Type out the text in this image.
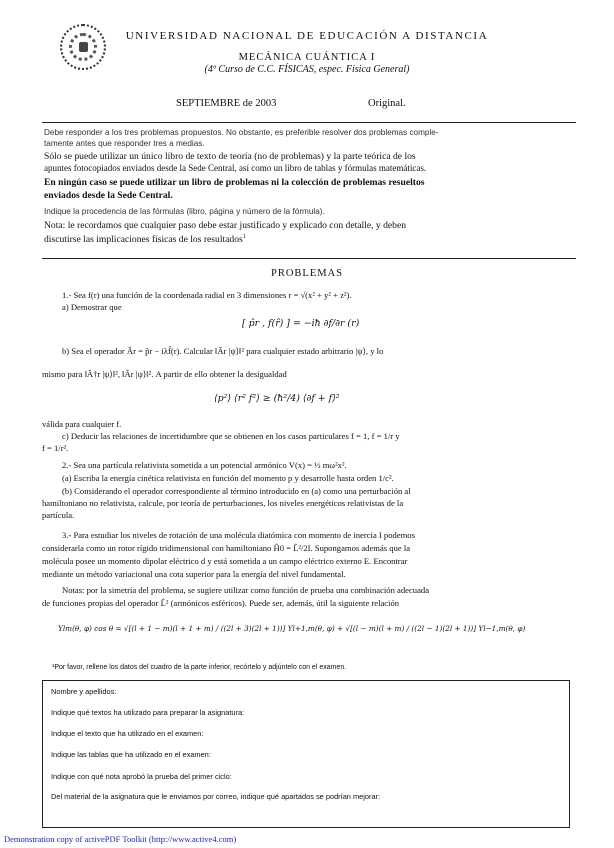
UNIVERSIDAD NACIONAL DE EDUCACIÓN A DISTANCIA
MECÁNICA CUÁNTICA I
(4º Curso de C.C. FÍSICAS, espec. Física General)
SEPTIEMBRE de 2003	Original.
Debe responder a los tres problemas propuestos. No obstante, es preferible resolver dos problemas comple-
tamente antes que responder tres a medias.
Sólo se puede utilizar un único libro de texto de teoría (no de problemas) y la parte teórica de los
apuntes fotocopiados enviados desde la Sede Central, así como un libro de tablas y fórmulas matemáticas.
En ningún caso se puede utilizar un libro de problemas ni la colección de problemas resueltos
enviados desde la Sede Central.
Indique la procedencia de las fórmulas (libro, página y número de la fórmula).
Nota: le recordamos que cualquier paso debe estar justificado y explicado con detalle, y deben
discutirse las implicaciones físicas de los resultados$^1$
PROBLEMAS
1.- Sea f(r) una función de la coordenada radial en 3 dimensiones r = √(x² + y² + z²).
a) Demostrar que
[ p̂r , f(r̂) ] = −iħ ∂f/∂r (r)
b) Sea el operador Âr = p̂r − iλf̂(r). Calcular ‖Âr |ψ⟩‖² para cualquier estado arbitrario |ψ⟩, y lo
mismo para ‖Â†r |ψ⟩‖², ‖Âr |ψ⟩‖². A partir de ello obtener la desigualdad
⟨p²⟩ ⟨r² f²⟩ ≥ (ħ²/4) ⟨∂f + f⟩²
válida para cualquier f.
c) Deducir las relaciones de incertidumbre que se obtienen en los casos particulares f = 1, f = 1/r y
f = 1/r².
2.- Sea una partícula relativista sometida a un potencial armónico V(x) = ½ mω²x².
(a) Escriba la energía cinética relativista en función del momento p y desarrolle hasta orden 1/c².
(b) Considerando el operador correspondiente al término introducido en (a) como una perturbación al
hamiltoniano no relativista, calcule, por teoría de perturbaciones, los niveles energéticos relativistas de la
partícula.
3.- Para estudiar los niveles de rotación de una molécula diatómica con momento de inercia I podemos
considerarla como un rotor rígido tridimensional con hamiltoniano Ĥ0 = L̂²/2I. Supongamos además que la
molécula posee un momento dipolar eléctrico d y está sometida a un campo eléctrico externo E. Encontrar
mediante un método variacional una cota superior para la energía del nivel fundamental.
Notas: por la simetría del problema, se sugiere utilizar como función de prueba una combinación adecuada
de funciones propias del operador L̂² (armónicos esféricos). Puede ser, además, útil la siguiente relación
Ylm(θ, φ) cos θ = √[(l + 1 − m)(l + 1 + m) / ((2l + 3)(2l + 1))] Yl+1,m(θ, φ) + √[(l − m)(l + m) / ((2l − 1)(2l + 1))] Yl−1,m(θ, φ)
¹Por favor, rellene los datos del cuadro de la parte inferior, recórtelo y adjúntelo con el examen.
Nombre y apellidos:
Indique qué textos ha utilizado para preparar la asignatura:
Indique el texto que ha utilizado en el examen:
Indique las tablas que ha utilizado en el examen:
Indique con qué nota aprobó la prueba del primer ciclo:
Del material de la asignatura que le enviamos por correo, indique qué apartados se podrían mejorar:
Demonstration copy of activePDF Toolkit (http://www.active4.com)
